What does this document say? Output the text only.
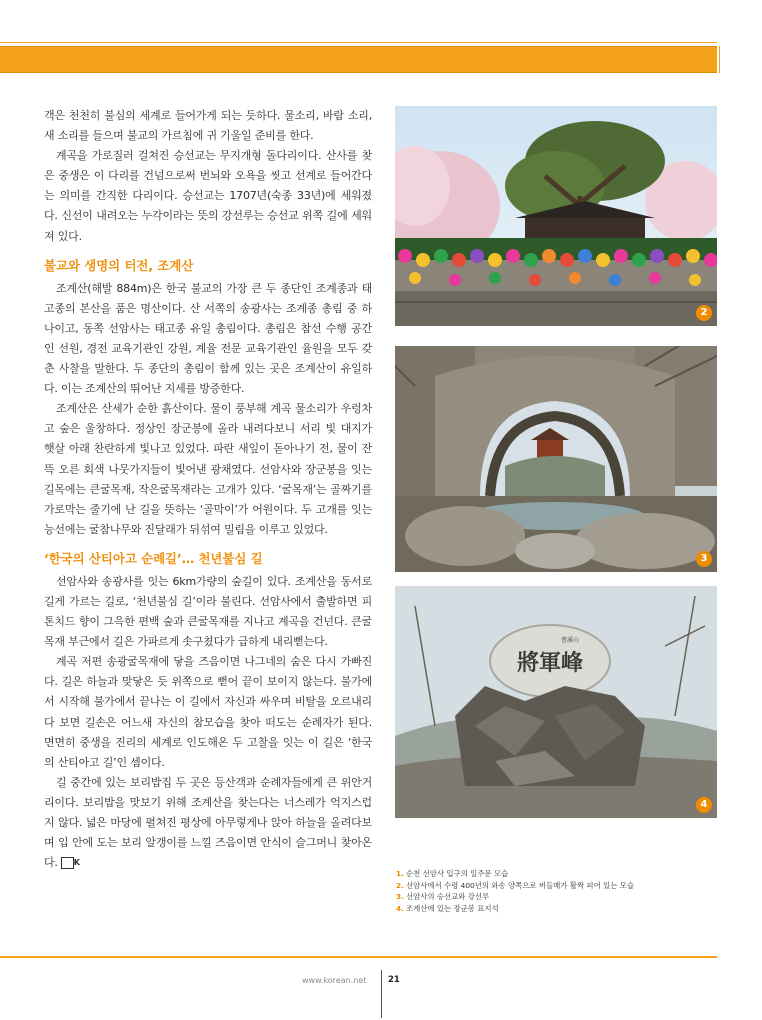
객은 천천히 불심의 세계로 들어가게 되는 듯하다. 물소리, 바람 소리, 새 소리를 들으며 불교의 가르침에 귀 기울일 준비를 한다.

계곡을 가로질러 걸쳐진 승선교는 무지개형 돌다리이다. 산사를 찾은 중생은 이 다리를 건넘으로써 번뇌와 오욕을 씻고 선계로 들어간다는 의미를 간직한 다리이다. 승선교는 1707년(숙종 33년)에 세워졌다. 신선이 내려오는 누각이라는 뜻의 강선루는 승선교 위쪽 길에 세워져 있다.

불교와 생명의 터전, 조계산

조계산(해발 884m)은 한국 불교의 가장 큰 두 종단인 조계종과 태고종의 본산을 품은 명산이다. 산 서쪽의 송광사는 조계종 총림 중 하나이고, 동쪽 선암사는 태고종 유일 총림이다. 총림은 참선 수행 공간인 선원, 경전 교육기관인 강원, 계율 전문 교육기관인 율원을 모두 갖춘 사찰을 말한다. 두 종단의 총림이 함께 있는 곳은 조계산이 유일하다. 이는 조계산의 뛰어난 지세를 방증한다.

조계산은 산세가 순한 흙산이다. 물이 풍부해 계곡 물소리가 우렁차고 숲은 울창하다. 정상인 장군봉에 올라 내려다보니 서리 빛 대지가 햇살 아래 찬란하게 빛나고 있었다. 파란 새잎이 돋아나기 전, 물이 잔뜩 오른 회색 나뭇가지들이 빛어낸 광채였다. 선암사와 장군봉을 잇는 길목에는 큰굴목재, 작은굴목재라는 고개가 있다. ‘굴목재’는 골짜기를 가로막는 줄기에 난 길을 뜻하는 ‘골막이’가 어원이다. 두 고개를 잇는 능선에는 굴참나무와 진달래가 뒤섞여 밀림을 이루고 있었다.

‘한국의 산티아고 순례길’… 천년불심 길

선암사와 송광사를 잇는 6km가량의 숲길이 있다. 조계산을 동서로 길게 가르는 길로, ‘천년불심 길’이라 불린다. 선암사에서 출발하면 피톤치드 향이 그윽한 편백 숲과 큰굴목재를 지나고 계곡을 건넌다. 큰굴목재 부근에서 길은 가파르게 솟구쳤다가 급하게 내리뻗는다.

계곡 저편 송광굴목재에 닿을 즈음이면 나그네의 숨은 다시 가빠진다. 길은 하늘과 맞닿은 듯 위쪽으로 뻗어 끝이 보이지 않는다. 불가에서 시작해 불가에서 끝나는 이 길에서 자신과 싸우며 비탈을 오르내리다 보면 길손은 어느새 자신의 참모습을 찾아 떠도는 순례자가 된다. 면면히 중생을 진리의 세계로 인도해온 두 고찰을 잇는 이 길은 ‘한국의 산티아고 길’인 셈이다.

길 중간에 있는 보리밥집 두 곳은 등산객과 순례자들에게 큰 위안거리이다. 보리밥을 맛보기 위해 조계산을 찾는다는 너스레가 억지스럽지 않다. 넓은 마당에 펼쳐진 평상에 아무렇게나 앉아 하늘을 올려다보며 입 안에 도는 보리 알갱이를 느낄 즈음이면 안식이 슬그머니 찾아온다. K

2
3
將軍峰
曹溪山
4
1. 순천 선암사 입구의 일주문 모습
2. 선암사에서 수령 400년의 와송 양쪽으로 버들매가 활짝 피어 있는 모습
3. 선암사의 승선교와 강선루
4. 조계산에 있는 장군봉 표지석
www.korean.net	21
